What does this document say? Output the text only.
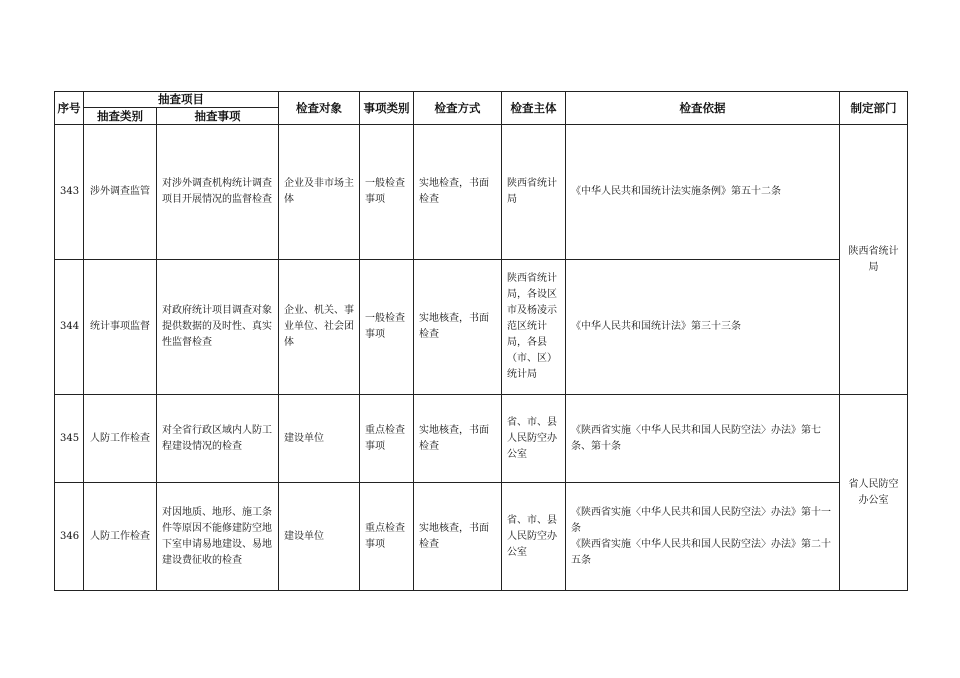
序号	抽查项目		检查对象	事项类别	检查方式	检查主体	检查依据	制定部门
	抽查类别	抽查事项						
343	涉外调查监管	对涉外调查机构统计调查项目开展情况的监督检查	企业及非市场主体	一般检查事项	实地检查，书面检查	陕西省统计局	《中华人民共和国统计法实施条例》第五十二条	陕西省统计局
344	统计事项监督	对政府统计项目调查对象提供数据的及时性、真实性监督检查	企业、机关、事业单位、社会团体	一般检查事项	实地核查，书面检查	陕西省统计局，各设区市及杨凌示范区统计局，各县（市、区）统计局	《中华人民共和国统计法》第三十三条	

345	人防工作检查	对全省行政区域内人防工程建设情况的检查	建设单位	重点检查事项	实地核查，书面检查	省、市、县人民防空办公室	《陕西省实施〈中华人民共和国人民防空法〉办法》第七条、第十条	省人民防空办公室
346	人防工作检查	对因地质、地形、施工条件等原因不能修建防空地下室申请易地建设、易地建设费征收的检查	建设单位	重点检查事项	实地核查，书面检查	省、市、县人民防空办公室	《陕西省实施〈中华人民共和国人民防空法〉办法》第十一条
《陕西省实施〈中华人民共和国人民防空法〉办法》第二十五条	
